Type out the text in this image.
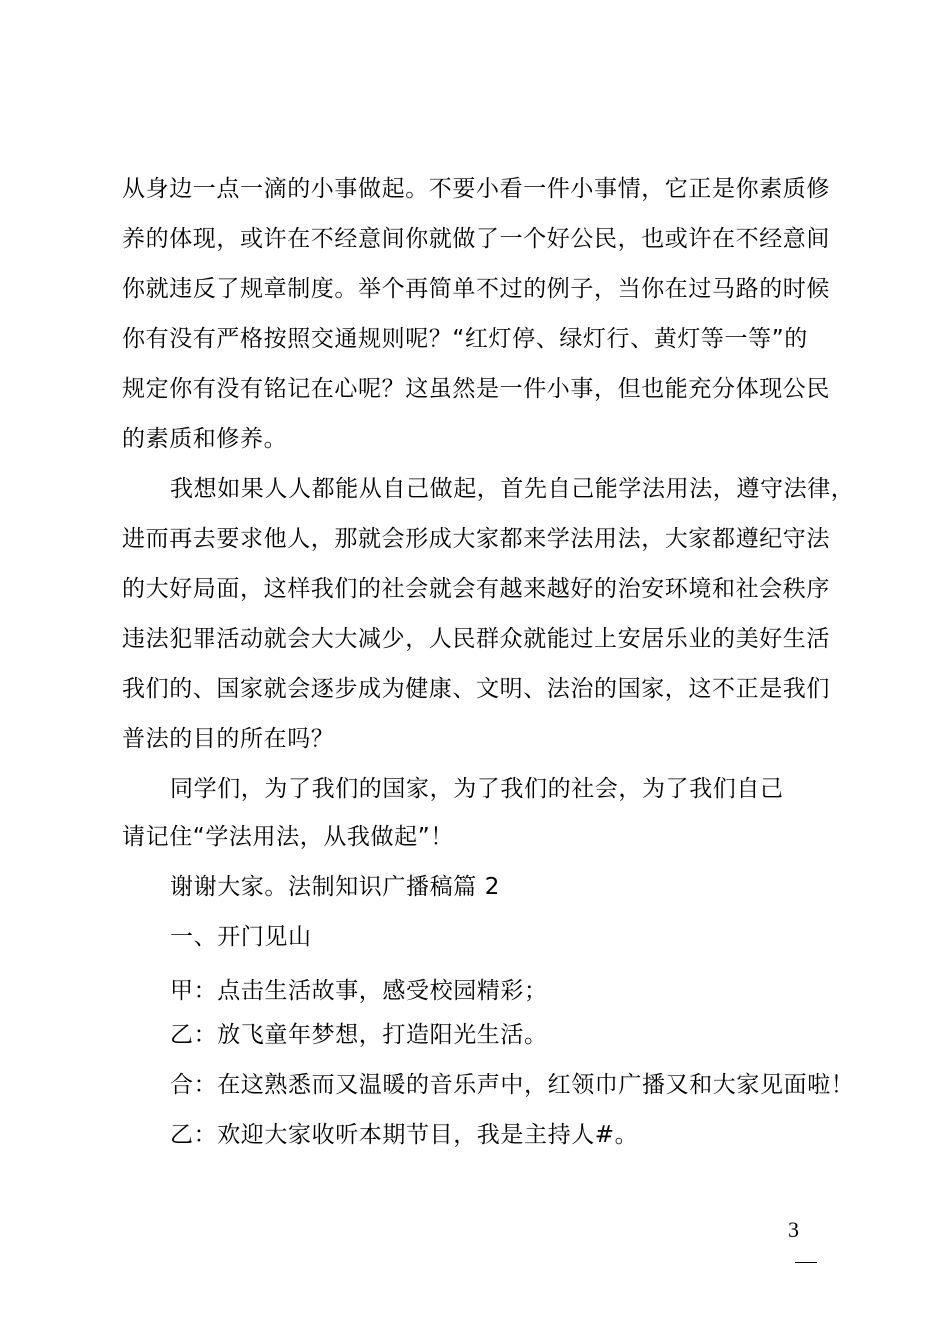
从身边一点一滴的小事做起。不要小看一件小事情，它正是你素质修
养的体现，或许在不经意间你就做了一个好公民，也或许在不经意间
你就违反了规章制度。举个再简单不过的例子，当你在过马路的时候
你有没有严格按照交通规则呢？“红灯停、绿灯行、黄灯等一等”的
规定你有没有铭记在心呢？这虽然是一件小事，但也能充分体现公民
的素质和修养。
我想如果人人都能从自己做起，首先自己能学法用法，遵守法律，
进而再去要求他人，那就会形成大家都来学法用法，大家都遵纪守法
的大好局面，这样我们的社会就会有越来越好的治安环境和社会秩序
违法犯罪活动就会大大减少，人民群众就能过上安居乐业的美好生活
我们的、国家就会逐步成为健康、文明、法治的国家，这不正是我们
普法的目的所在吗？
同学们，为了我们的国家，为了我们的社会，为了我们自己
请记住“学法用法，从我做起”！
谢谢大家。法制知识广播稿篇 2
一、开门见山
甲：点击生活故事，感受校园精彩；
乙：放飞童年梦想，打造阳光生活。
合：在这熟悉而又温暖的音乐声中，红领巾广播又和大家见面啦！
乙：欢迎大家收听本期节目，我是主持人#。
3
